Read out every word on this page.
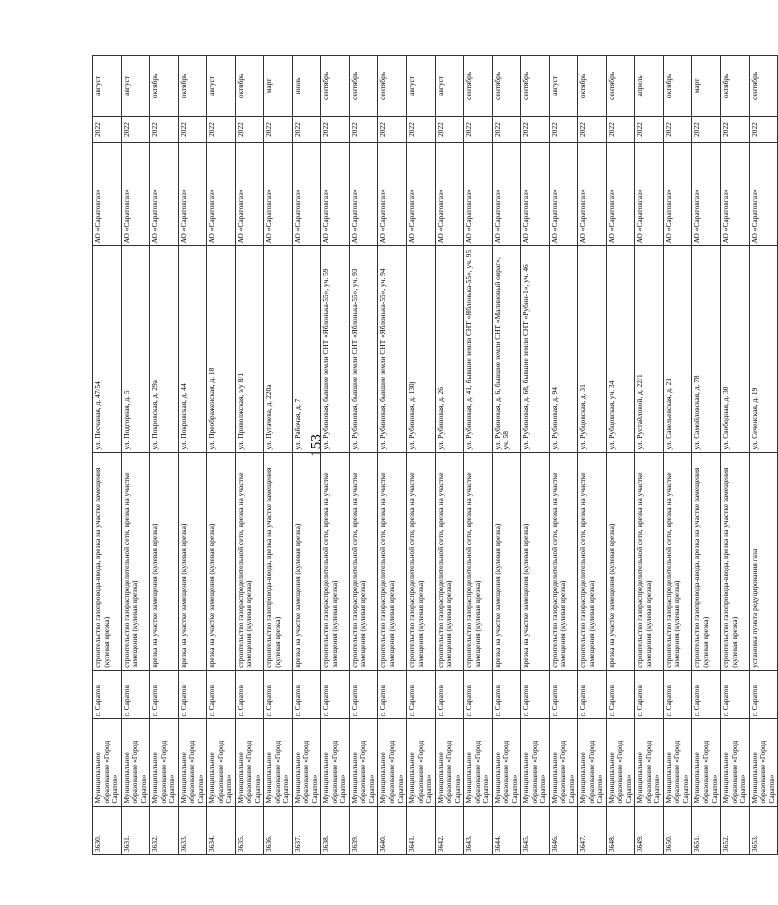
153
3630.	Муниципальное образование «Город Саратов»	г. Саратов	строительство газопровода-ввода, врезка на участке замещения (кулевая врезка)	ул. Песчаная, д. 47/54	АО «Саратовгаз»	2022	август
3631.	Муниципальное образование «Город Саратов»	г. Саратов	строительство газораспределительной сети, врезка на участке замещения (кулевая врезка)	ул. Подгорная, д. 5	АО «Саратовгаз»	2022	август
3632.	Муниципальное образование «Город Саратов»	г. Саратов	врезка на участке замещения (кулевая врезка)	ул. Покровская, д. 29а	АО «Саратовгаз»	2022	октябрь
3633.	Муниципальное образование «Город Саратов»	г. Саратов	врезка на участке замещения (кулевая врезка)	ул. Покровская, д. 44	АО «Саратовгаз»	2022	октябрь
3634.	Муниципальное образование «Город Саратов»	г. Саратов	врезка на участке замещения (кулевая врезка)	ул. Преображенская, д. 18	АО «Саратовгаз»	2022	август
3635.	Муниципальное образование «Город Саратов»	г. Саратов	строительство газораспределительной сети, врезка на участке замещения (кулевая врезка)	ул. Приволжская, з/у 8/1	АО «Саратовгаз»	2022	октябрь
3636.	Муниципальное образование «Город Саратов»	г. Саратов	строительство газопровода-ввода, врезка на участке замещения (кулевая врезка)	ул. Пугачева, д. 220а	АО «Саратовгаз»	2022	март
3637.	Муниципальное образование «Город Саратов»	г. Саратов	врезка на участке замещения (кулевая врезка)	ул. Рабочая, д. 7	АО «Саратовгаз»	2022	июнь
3638.	Муниципальное образование «Город Саратов»	г. Саратов	строительство газораспределительной сети, врезка на участке замещения (кулевая врезка)	ул. Рубиновая, бывшие земли СНТ «Яблонька-55», уч. 59	АО «Саратовгаз»	2022	сентябрь
3639.	Муниципальное образование «Город Саратов»	г. Саратов	строительство газораспределительной сети, врезка на участке замещения (кулевая врезка)	ул. Рубиновая, бывшие земли СНТ «Яблонька-55», уч. 93	АО «Саратовгаз»	2022	сентябрь
3640.	Муниципальное образование «Город Саратов»	г. Саратов	строительство газораспределительной сети, врезка на участке замещения (кулевая врезка)	ул. Рубиновая, бывшие земли СНТ «Яблонька-55», уч. 94	АО «Саратовгаз»	2022	сентябрь
3641.	Муниципальное образование «Город Саратов»	г. Саратов	строительство газораспределительной сети, врезка на участке замещения (кулевая врезка)	ул. Рубиновая, д. 130j	АО «Саратовгаз»	2022	август
3642.	Муниципальное образование «Город Саратов»	г. Саратов	строительство газораспределительной сети, врезка на участке замещения (кулевая врезка)	ул. Рубиновая, д. 26	АО «Саратовгаз»	2022	август
3643.	Муниципальное образование «Город Саратов»	г. Саратов	строительство газораспределительной сети, врезка на участке замещения (кулевая врезка)	ул. Рубиновая, д. 41, бывшие земли СНТ «Яблонька-55», уч. 95	АО «Саратовгаз»	2022	сентябрь
3644.	Муниципальное образование «Город Саратов»	г. Саратов	врезка на участке замещения (кулевая врезка)	ул. Рубиновая, д. 6, бывшие земли СНТ «Малиновый овраг», уч. 58	АО «Саратовгаз»	2022	сентябрь
3645.	Муниципальное образование «Город Саратов»	г. Саратов	врезка на участке замещения (кулевая врезка)	ул. Рубиновая, д. 68, бывшие земли СНТ «Рубин-1», уч. 46	АО «Саратовгаз»	2022	сентябрь
3646.	Муниципальное образование «Город Саратов»	г. Саратов	строительство газораспределительной сети, врезка на участке замещения (кулевая врезка)	ул. Рубиновая, д. 94	АО «Саратовгаз»	2022	август
3647.	Муниципальное образование «Город Саратов»	г. Саратов	строительство газораспределительной сети, врезка на участке замещения (кулевая врезка)	ул. Рубцовская, д. 31	АО «Саратовгаз»	2022	октябрь
3648.	Муниципальное образование «Город Саратов»	г. Саратов	врезка на участке замещения (кулевая врезка)	ул. Рубцовская, уч. 34	АО «Саратовгаз»	2022	сентябрь
3649.	Муниципальное образование «Город Саратов»	г. Саратов	строительство газораспределительной сети, врезка на участке замещения (кулевая врезка)	ул. Рустайловой, д. 22/1	АО «Саратовгаз»	2022	апрель
3650.	Муниципальное образование «Город Саратов»	г. Саратов	строительство газораспределительной сети, врезка на участке замещения (кулевая врезка)	ул. Савельевская, д. 21	АО «Саратовгаз»	2022	октябрь
3651.	Муниципальное образование «Город Саратов»	г. Саратов	строительство газопровода-ввода, врезка на участке замещения (кулевая врезка)	ул. Самойловская, д. 78	АО «Саратовгаз»	2022	март
3652.	Муниципальное образование «Город Саратов»	г. Саратов	строительство газопровода-ввода, врезка на участке замещения (кулевая врезка)	ул. Свободная, д. 30	АО «Саратовгаз»	2022	октябрь
3653.	Муниципальное образование «Город Саратов»	г. Саратов	установка пункта редуцирования газа	ул. Сеченская, д. 19	АО «Саратовгаз»	2022	сентябрь
